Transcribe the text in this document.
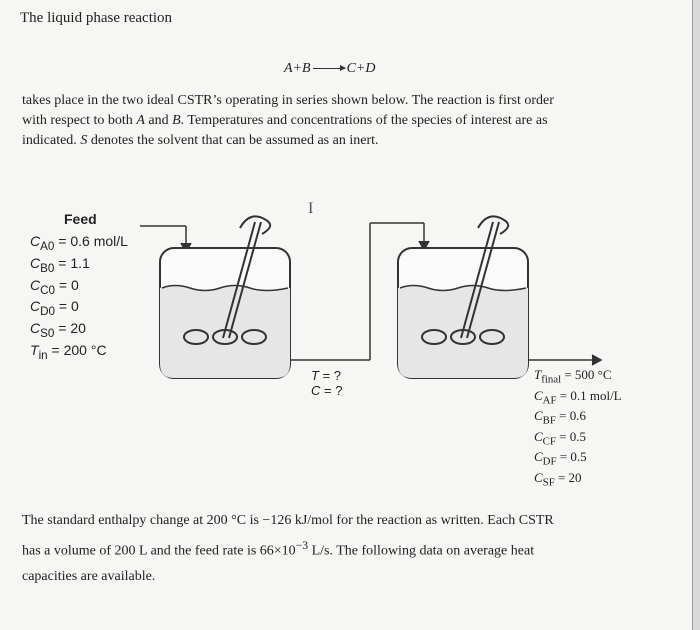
The liquid phase reaction
A+B → C+D
takes place in the two ideal CSTR’s operating in series shown below. The reaction is first order
with respect to both A and B. Temperatures and concentrations of the species of interest are as
indicated. S denotes the solvent that can be assumed as an inert.
Feed
$C_{A0} = 0.6$ mol/L
$C_{B0} = 1.1$
$C_{C0} = 0$
$C_{D0} = 0$
$C_{S0} = 20$
$T_{in} = 200$ °C
T = ?
C = ?
$T_{final} = 500$ °C
$C_{AF} = 0.1$ mol/L
$C_{BF} = 0.6$
$C_{CF} = 0.5$
$C_{DF} = 0.5$
$C_{SF} = 20$
I
The standard enthalpy change at 200 °C is −126 kJ/mol for the reaction as written. Each CSTR
has a volume of 200 L and the feed rate is $66\times 10^{-3}$ L/s. The following data on average heat
capacities are available.
